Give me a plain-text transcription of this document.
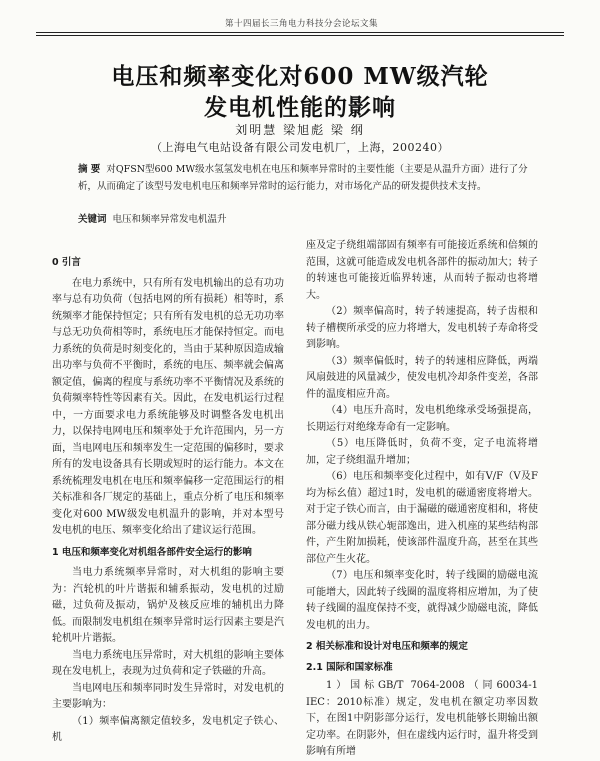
第十四届长三角电力科技分会论坛文集
电压和频率变化对600 MW级汽轮
发电机性能的影响
刘明慧 梁旭彪 梁 纲
（上海电气电站设备有限公司发电机厂，上海，200240）
摘 要 对QFSN型600 MW级水氢氢发电机在电压和频率异常时的主要性能（主要是从温升方面）进行了分析，从而确定了该型号发电机电压和频率异常时的运行能力，对市场化产品的研发提供技术支持。
关键词 电压和频率异常发电机温升
0 引言

在电力系统中，只有所有发电机输出的总有功功率与总有功负荷（包括电网的所有损耗）相等时，系统频率才能保持恒定；只有所有发电机的总无功功率与总无功负荷相等时，系统电压才能保持恒定。而电力系统的负荷是时刻变化的，当由于某种原因造成输出功率与负荷不平衡时，系统的电压、频率就会偏离额定值，偏离的程度与系统功率不平衡情况及系统的负荷频率特性等因素有关。因此，在发电机运行过程中，一方面要求电力系统能够及时调整各发电机出力，以保持电网电压和频率处于允许范围内，另一方面，当电网电压和频率发生一定范围的偏移时，要求所有的发电设备具有长期或短时的运行能力。本文在系统梳理发电机在电压和频率偏移一定范围运行的相关标准和各厂规定的基础上，重点分析了电压和频率变化对600 MW级发电机温升的影响，并对本型号发电机的电压、频率变化给出了建议运行范围。

1 电压和频率变化对机组各部件安全运行的影响

当电力系统频率异常时，对大机组的影响主要为：汽轮机的叶片谐振和辅系振动，发电机的过励磁，过负荷及振动，锅炉及核反应堆的辅机出力降低。而限制发电机组在频率异常时运行因素主要是汽轮机叶片谐振。

当电力系统电压异常时，对大机组的影响主要体现在发电机上，表现为过负荷和定子铁磁的升高。

当电网电压和频率同时发生异常时，对发电机的主要影响为：

（1）频率偏离额定值较多，发电机定子铁心、机

座及定子绕组端部固有频率有可能接近系统和倍频的范围，这就可能造成发电机各部件的振动加大；转子的转速也可能接近临界转速，从而转子振动也将增大。

（2）频率偏高时，转子转速提高，转子齿根和转子槽楔所承受的应力将增大，发电机转子寿命将受到影响。

（3）频率偏低时，转子的转速相应降低，两端风扇鼓进的风量减少，使发电机冷却条件变差，各部件的温度相应升高。

（4）电压升高时，发电机绝缘承受场强提高，长期运行对绝缘寿命有一定影响。

（5）电压降低时，负荷不变，定子电流将增加，定子绕组温升增加；

（6）电压和频率变化过程中，如有V/F（V及F均为标幺值）超过1时，发电机的磁通密度将增大。对于定子铁心而言，由于漏磁的磁通密度相和，将使部分磁力线从铁心轭部逸出，进入机座的某些结构部件，产生附加损耗，使该部件温度升高，甚至在其些部位产生火花。

（7）电压和频率变化时，转子线圈的励磁电流可能增大，因此转子线圈的温度将相应增加，为了使转子线圈的温度保持不变，就得减少励磁电流，降低发电机的出力。

2 相关标准和设计对电压和频率的规定
2.1 国际和国家标准

1）国标GB/T 7064-2008（同60034-1 IEC：2010标准）规定，发电机在额定功率因数下，在图1中阴影部分运行，发电机能够长期输出额定功率。在阴影外，但在虚线内运行时，温升将受到影响有所增
